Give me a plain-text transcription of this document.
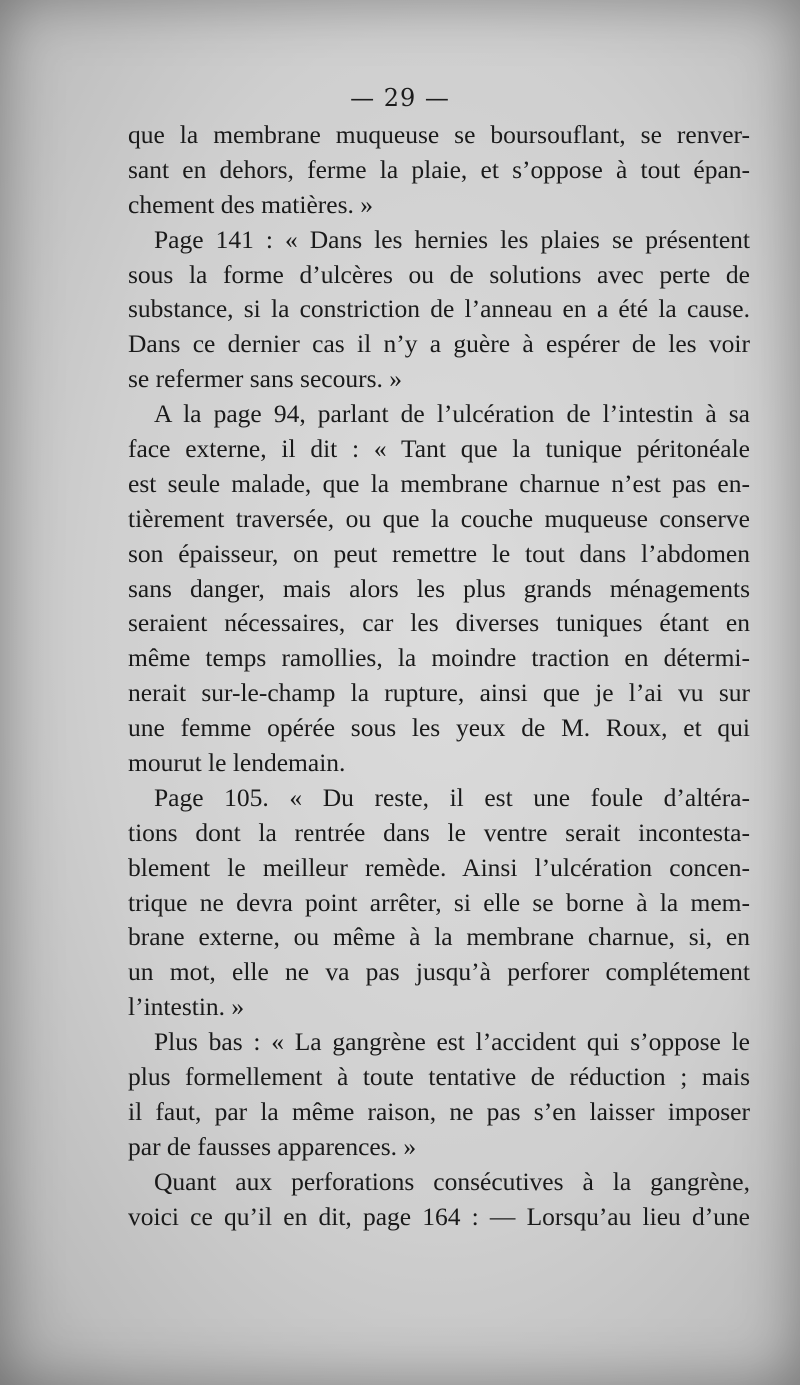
— 29 —
que la membrane muqueuse se boursouflant, se renver-
sant en dehors, ferme la plaie, et s’oppose à tout épan-
chement des matières. »
Page 141 : « Dans les hernies les plaies se présentent
sous la forme d’ulcères ou de solutions avec perte de
substance, si la constriction de l’anneau en a été la cause.
Dans ce dernier cas il n’y a guère à espérer de les voir
se refermer sans secours. »
A la page 94, parlant de l’ulcération de l’intestin à sa
face externe, il dit : « Tant que la tunique péritonéale
est seule malade, que la membrane charnue n’est pas en-
tièrement traversée, ou que la couche muqueuse conserve
son épaisseur, on peut remettre le tout dans l’abdomen
sans danger, mais alors les plus grands ménagements
seraient nécessaires, car les diverses tuniques étant en
même temps ramollies, la moindre traction en détermi-
nerait sur-le-champ la rupture, ainsi que je l’ai vu sur
une femme opérée sous les yeux de M. Roux, et qui
mourut le lendemain.
Page 105. « Du reste, il est une foule d’altéra-
tions dont la rentrée dans le ventre serait incontesta-
blement le meilleur remède. Ainsi l’ulcération concen-
trique ne devra point arrêter, si elle se borne à la mem-
brane externe, ou même à la membrane charnue, si, en
un mot, elle ne va pas jusqu’à perforer complétement
l’intestin. »
Plus bas : « La gangrène est l’accident qui s’oppose le
plus formellement à toute tentative de réduction ; mais
il faut, par la même raison, ne pas s’en laisser imposer
par de fausses apparences. »
Quant aux perforations consécutives à la gangrène,
voici ce qu’il en dit, page 164 : — Lorsqu’au lieu d’une
